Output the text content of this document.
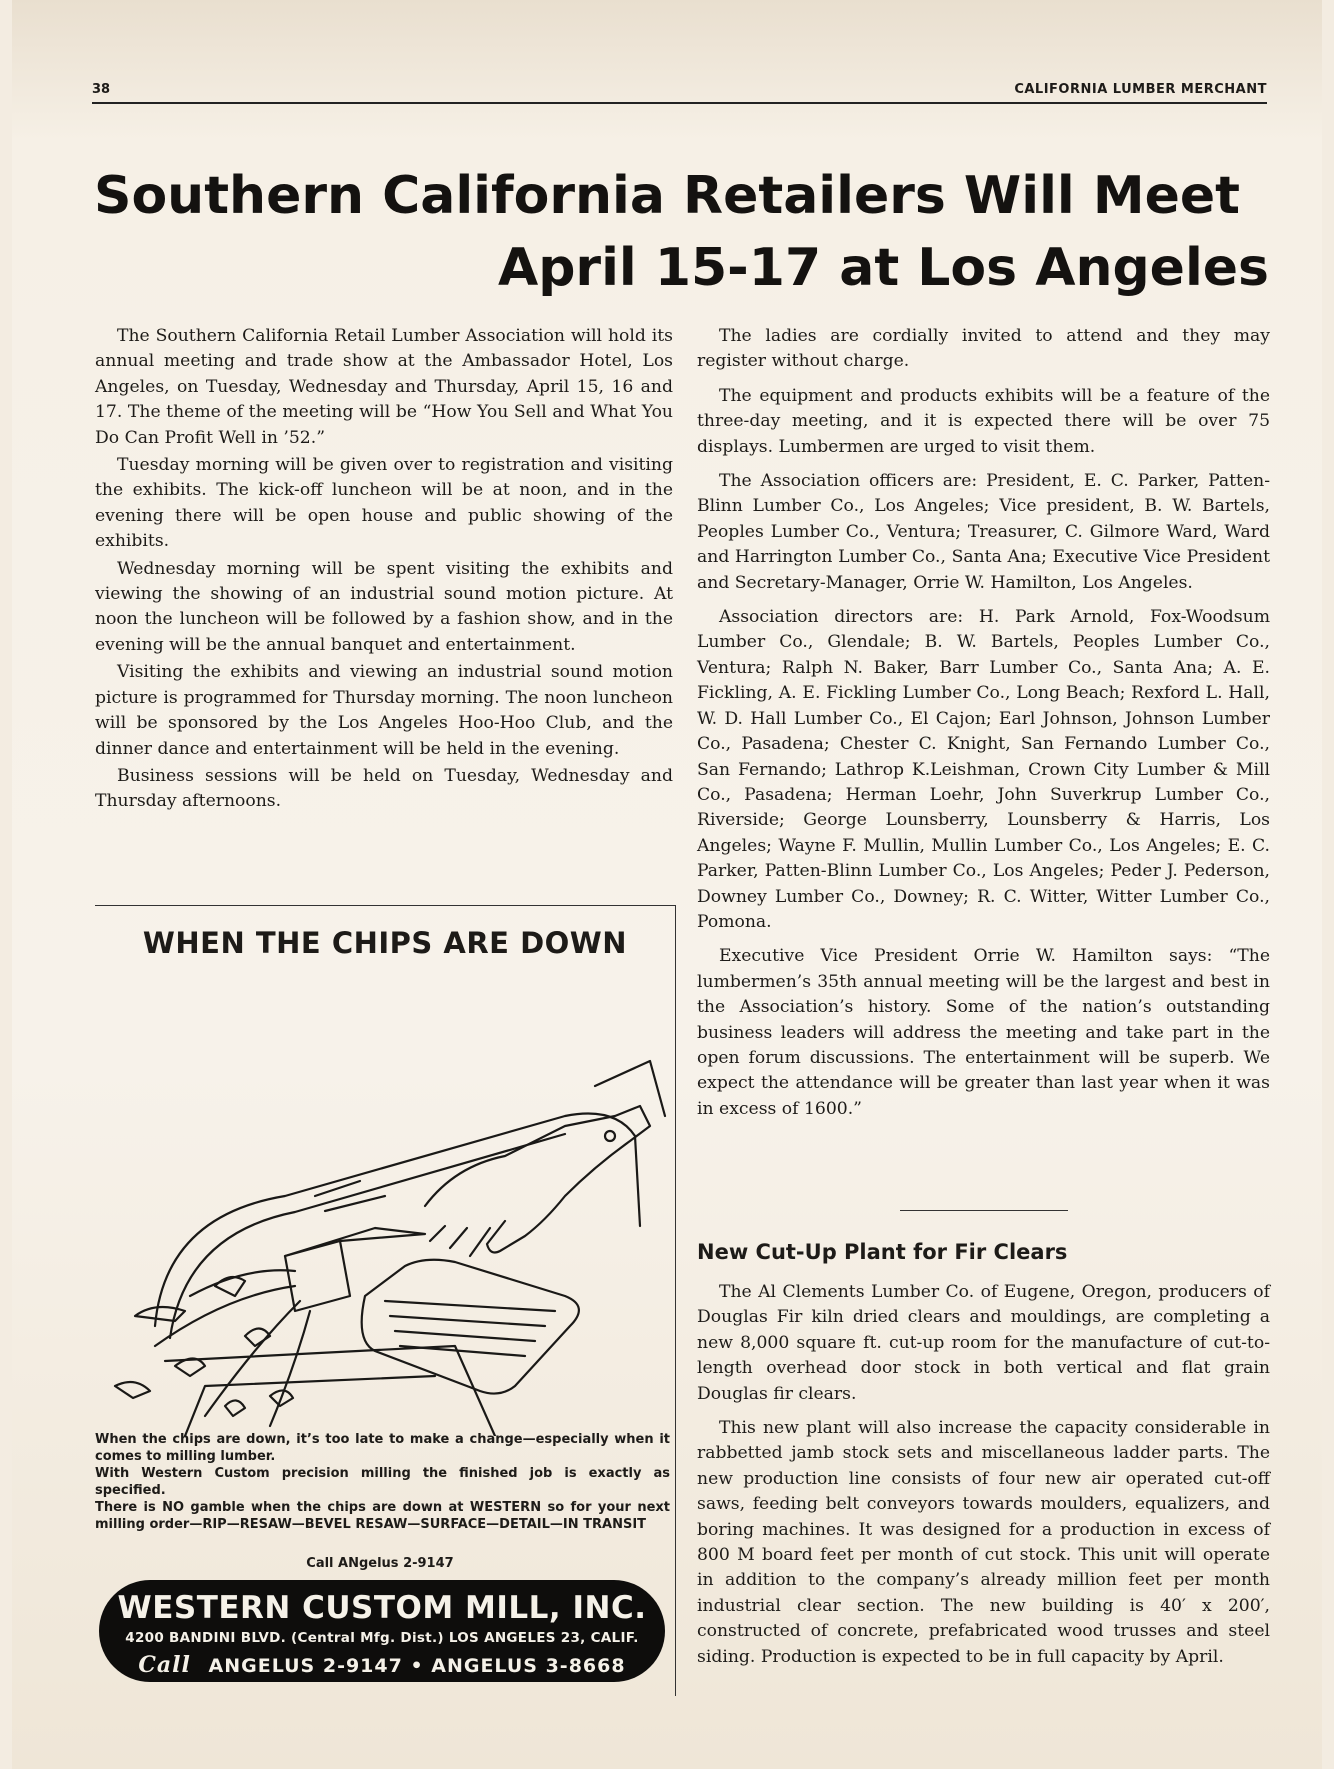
38	CALIFORNIA LUMBER MERCHANT
Southern California Retailers Will Meet
April 15-17 at Los Angeles

The Southern California Retail Lumber Association will hold its annual meeting and trade show at the Ambassador Hotel, Los Angeles, on Tuesday, Wednesday and Thursday, April 15, 16 and 17. The theme of the meeting will be “How You Sell and What You Do Can Profit Well in ’52.”

Tuesday morning will be given over to registration and visiting the exhibits. The kick-off luncheon will be at noon, and in the evening there will be open house and public showing of the exhibits.

Wednesday morning will be spent visiting the exhibits and viewing the showing of an industrial sound motion picture. At noon the luncheon will be followed by a fashion show, and in the evening will be the annual banquet and entertainment.

Visiting the exhibits and viewing an industrial sound motion picture is programmed for Thursday morning. The noon luncheon will be sponsored by the Los Angeles Hoo-Hoo Club, and the dinner dance and entertainment will be held in the evening.

Business sessions will be held on Tuesday, Wednesday and Thursday afternoons.

The ladies are cordially invited to attend and they may register without charge.

The equipment and products exhibits will be a feature of the three-day meeting, and it is expected there will be over 75 displays. Lumbermen are urged to visit them.

The Association officers are: President, E. C. Parker, Patten-Blinn Lumber Co., Los Angeles; Vice president, B. W. Bartels, Peoples Lumber Co., Ventura; Treasurer, C. Gilmore Ward, Ward and Harrington Lumber Co., Santa Ana; Executive Vice President and Secretary-Manager, Orrie W. Hamilton, Los Angeles.

Association directors are: H. Park Arnold, Fox-Woodsum Lumber Co., Glendale; B. W. Bartels, Peoples Lumber Co., Ventura; Ralph N. Baker, Barr Lumber Co., Santa Ana; A. E. Fickling, A. E. Fickling Lumber Co., Long Beach; Rexford L. Hall, W. D. Hall Lumber Co., El Cajon; Earl Johnson, Johnson Lumber Co., Pasadena; Chester C. Knight, San Fernando Lumber Co., San Fernando; Lathrop K.Leishman, Crown City Lumber & Mill Co., Pasadena; Herman Loehr, John Suverkrup Lumber Co., Riverside; George Lounsberry, Lounsberry & Harris, Los Angeles; Wayne F. Mullin, Mullin Lumber Co., Los Angeles; E. C. Parker, Patten-Blinn Lumber Co., Los Angeles; Peder J. Pederson, Downey Lumber Co., Downey; R. C. Witter, Witter Lumber Co., Pomona.

Executive Vice President Orrie W. Hamilton says: “The lumbermen’s 35th annual meeting will be the largest and best in the Association’s history. Some of the nation’s outstanding business leaders will address the meeting and take part in the open forum discussions. The entertainment will be superb. We expect the attendance will be greater than last year when it was in excess of 1600.”

New Cut-Up Plant for Fir Clears

The Al Clements Lumber Co. of Eugene, Oregon, producers of Douglas Fir kiln dried clears and mouldings, are completing a new 8,000 square ft. cut-up room for the manufacture of cut-to-length overhead door stock in both vertical and flat grain Douglas fir clears.

This new plant will also increase the capacity considerable in rabbetted jamb stock sets and miscellaneous ladder parts. The new production line consists of four new air operated cut-off saws, feeding belt conveyors towards moulders, equalizers, and boring machines. It was designed for a production in excess of 800 M board feet per month of cut stock. This unit will operate in addition to the company’s already million feet per month industrial clear section. The new building is 40′ x 200′, constructed of concrete, prefabricated wood trusses and steel siding. Production is expected to be in full capacity by April.

WHEN THE CHIPS ARE DOWN

When the chips are down, it’s too late to make a change—especially when it comes to milling lumber.

With Western Custom precision milling the finished job is exactly as specified.

There is NO gamble when the chips are down at WESTERN so for your next milling order—RIP—RESAW—BEVEL RESAW—SURFACE—DETAIL—IN TRANSIT

Call ANgelus 2-9147
WESTERN CUSTOM MILL, INC.
4200 BANDINI BLVD. (Central Mfg. Dist.) LOS ANGELES 23, CALIF.
Call ANGELUS 2-9147 • ANGELUS 3-8668
